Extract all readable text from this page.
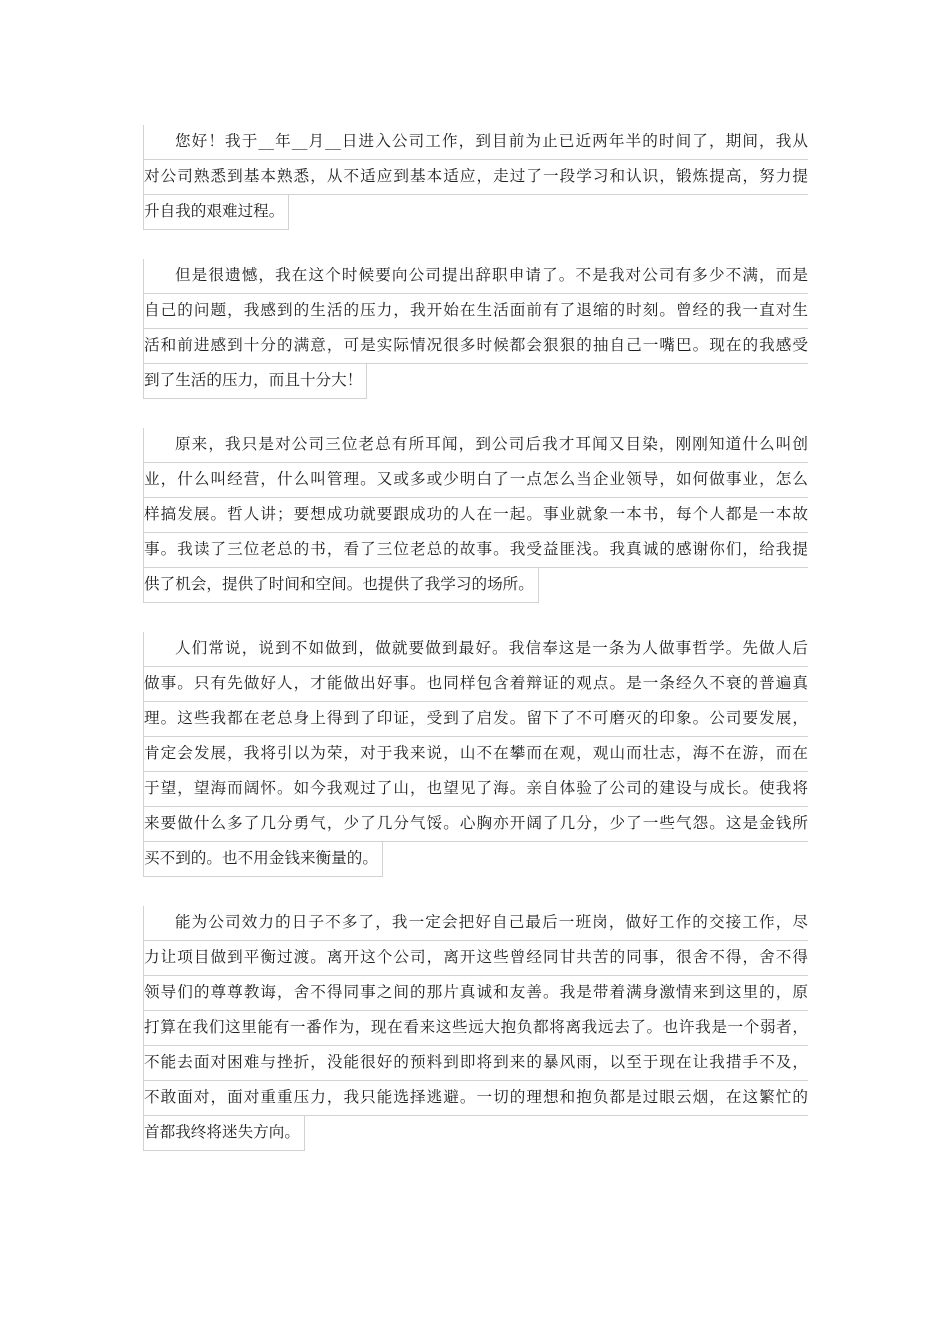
您好！我于__年__月__日进入公司工作，到目前为止已近两年半的时间了，期间，我从
对公司熟悉到基本熟悉，从不适应到基本适应，走过了一段学习和认识，锻炼提高，努力提
升自我的艰难过程。
但是很遗憾，我在这个时候要向公司提出辞职申请了。不是我对公司有多少不满，而是
自己的问题，我感到的生活的压力，我开始在生活面前有了退缩的时刻。曾经的我一直对生
活和前进感到十分的满意，可是实际情况很多时候都会狠狠的抽自己一嘴巴。现在的我感受
到了生活的压力，而且十分大！
原来，我只是对公司三位老总有所耳闻，到公司后我才耳闻又目染，刚刚知道什么叫创
业，什么叫经营，什么叫管理。又或多或少明白了一点怎么当企业领导，如何做事业，怎么
样搞发展。哲人讲；要想成功就要跟成功的人在一起。事业就象一本书，每个人都是一本故
事。我读了三位老总的书，看了三位老总的故事。我受益匪浅。我真诚的感谢你们，给我提
供了机会，提供了时间和空间。也提供了我学习的场所。
人们常说，说到不如做到，做就要做到最好。我信奉这是一条为人做事哲学。先做人后
做事。只有先做好人，才能做出好事。也同样包含着辩证的观点。是一条经久不衰的普遍真
理。这些我都在老总身上得到了印证，受到了启发。留下了不可磨灭的印象。公司要发展，
肯定会发展，我将引以为荣，对于我来说，山不在攀而在观，观山而壮志，海不在游，而在
于望，望海而阔怀。如今我观过了山，也望见了海。亲自体验了公司的建设与成长。使我将
来要做什么多了几分勇气，少了几分气馁。心胸亦开阔了几分，少了一些气怨。这是金钱所
买不到的。也不用金钱来衡量的。
能为公司效力的日子不多了，我一定会把好自己最后一班岗，做好工作的交接工作，尽
力让项目做到平衡过渡。离开这个公司，离开这些曾经同甘共苦的同事，很舍不得，舍不得
领导们的尊尊教诲，舍不得同事之间的那片真诚和友善。我是带着满身激情来到这里的，原
打算在我们这里能有一番作为，现在看来这些远大抱负都将离我远去了。也许我是一个弱者，
不能去面对困难与挫折，没能很好的预料到即将到来的暴风雨，以至于现在让我措手不及，
不敢面对，面对重重压力，我只能选择逃避。一切的理想和抱负都是过眼云烟，在这繁忙的
首都我终将迷失方向。
